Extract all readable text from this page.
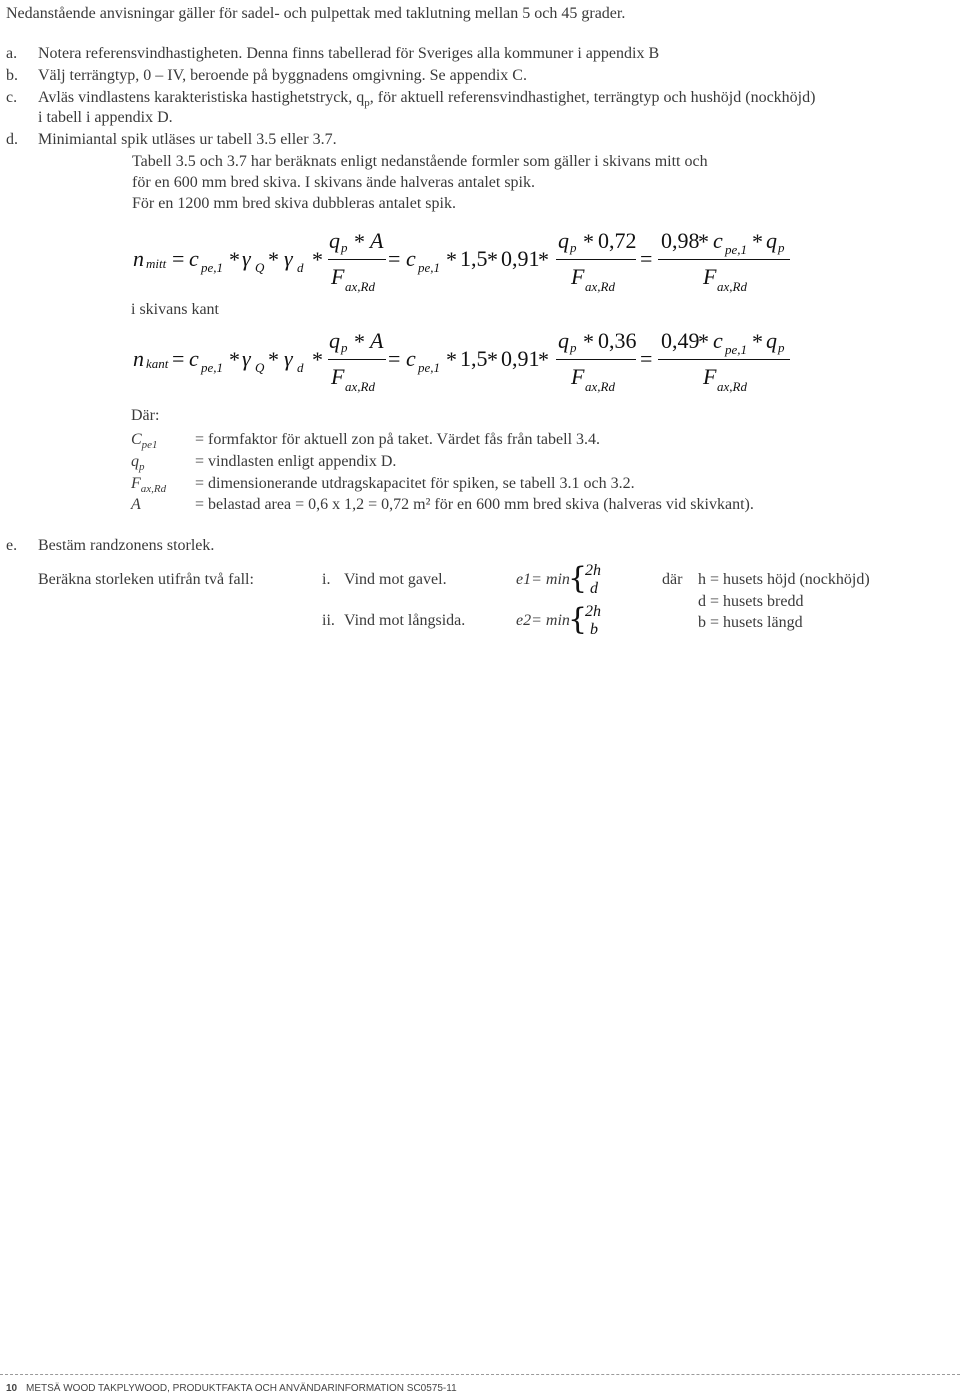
Nedanstående anvisningar gäller för sadel- och pulpettak med taklutning mellan 5 och 45 grader.
a. Notera referensvindhastigheten. Denna finns tabellerad för Sveriges alla kommuner i appendix B
b. Välj terrängtyp, 0 – IV, beroende på byggnadens omgivning. Se appendix C.
c. Avläs vindlastens karakteristiska hastighetstryck, $q_p$, för aktuell referensvindhastighet, terrängtyp och hushöjd (nockhöjd)
i tabell i appendix D.
d. Minimiantal spik utläses ur tabell 3.5 eller 3.7.
Tabell 3.5 och 3.7 har beräknats enligt nedanstående formler som gäller i skivans mitt och
för en 600 mm bred skiva. I skivans ände halveras antalet spik.
För en 1200 mm bred skiva dubbleras antalet spik.
n mitt = c pe,1 * γ Q * γ d *
q p * A
F ax,Rd
= c pe,1 * 1,5 * 0,91
*
q p * 0,72
F ax,Rd
=
0,98
* c pe,1 * q p
F ax,Rd
i skivans kant
n kant = c pe,1 * γ Q * γ d *
q p * A
F ax,Rd
= c pe,1 * 1,5 * 0,91
*
q p * 0,36
F ax,Rd
=
0,49
* c pe,1 * q p
F ax,Rd
Där:
$C_{pe1}$ = formfaktor för aktuell zon på taket. Värdet fås från tabell 3.4.
$q_p$	= vindlasten enligt appendix D.
$F_{ax,Rd}$ = dimensionerande utdragskapacitet för spiken, se tabell 3.1 och 3.2.
A	= belastad area = 0,6 x 1,2 = 0,72 m² för en 600 mm bred skiva (halveras vid skivkant).
e. Bestäm randzonens storlek.
Beräkna storleken utifrån två fall:	i. Vind mot gavel.	e1= min
{
2h
d
ii. Vind mot långsida.	e2= min
{
2h
b
där h = husets höjd (nockhöjd)
d = husets bredd
b = husets längd
10 METSÄ WOOD TAKPLYWOOD, PRODUKTFAKTA OCH ANVÄNDARINFORMATION SC0575-11
